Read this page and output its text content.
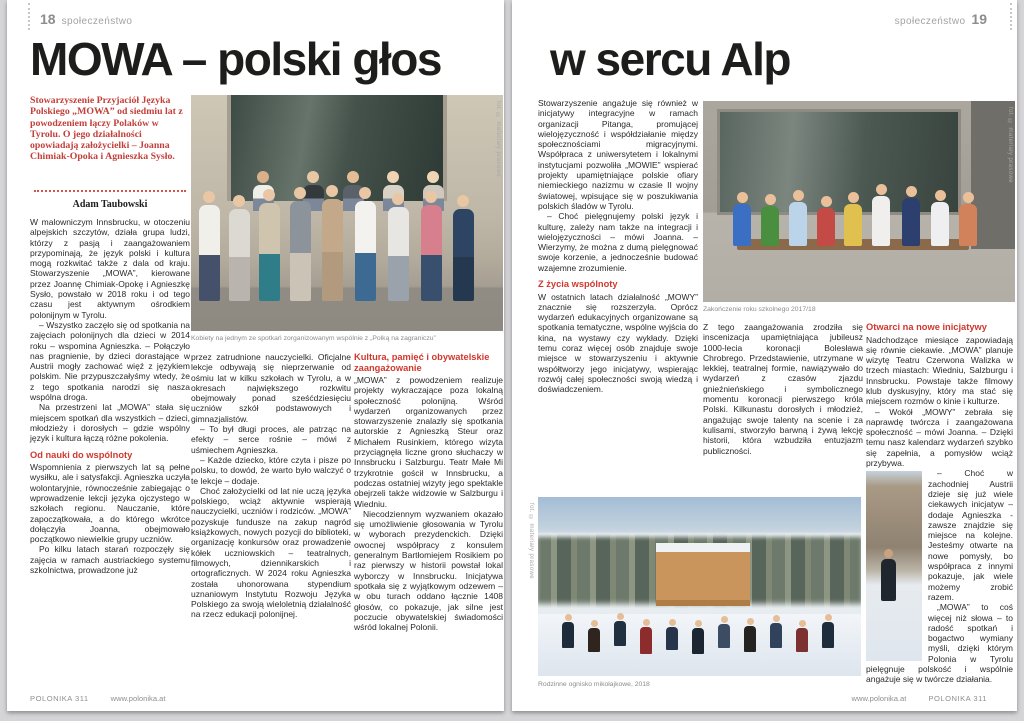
18 społeczeństwo
MOWA – polski głos

Stowarzyszenie Przyjaciół Języka Polskiego „MOWA” od siedmiu lat z powodzeniem łączy Polaków w Tyrolu. O jego działalności opowiadają założycielki – Joanna Chimiak-Opoka i Agnieszka Sysło.

Adam Taubowski

W malowniczym Innsbrucku, w otoczeniu alpejskich szczytów, działa grupa ludzi, którzy z pasją i zaangażowaniem przypominają, że język polski i kultura mogą rozkwitać także z dala od kraju. Stowarzyszenie „MOWA”, kierowane przez Joannę Chimiak-Opokę i Agnieszkę Sysło, powstało w 2018 roku i od tego czasu jest aktywnym ośrodkiem polonijnym w Tyrolu.

– Wszystko zaczęło się od spotkania na zajęciach polonijnych dla dzieci w 2014 roku – wspomina Agnieszka. – Połączyło nas pragnienie, by dzieci dorastające w Austrii mogły zachować więź z językiem polskim. Nie przypuszczałyśmy wtedy, że z tego spotkania narodzi się nasza wspólna droga.

Na przestrzeni lat „MOWA” stała się miejscem spotkań dla wszystkich – dzieci, młodzieży i dorosłych – gdzie wspólny język i kultura łączą różne pokolenia.

Od nauki do wspólnoty

Wspomnienia z pierwszych lat są pełne wysiłku, ale i satysfakcji. Agnieszka uczyła wolontaryjnie, równocześnie zabiegając o wprowadzenie lekcji języka ojczystego w szkołach regionu. Nauczanie, które zapoczątkowała, a do którego wkrótce dołączyła Joanna, obejmowało początkowo niewielkie grupy uczniów.

Po kilku latach starań rozpoczęły się zajęcia w ramach austriackiego systemu szkolnictwa, prowadzone już

fot. © materiały prasowe
Kobiety na jednym ze spotkań zorganizowanym wspólnie z „Polką na zagraniczu”

przez zatrudnione nauczycielki. Oficjalne lekcje odbywają się nieprzerwanie od ośmiu lat w kilku szkołach w Tyrolu, a w okresach największego rozkwitu obejmowały ponad sześćdziesięciu uczniów szkół podstawowych i gimnazjalistów.

– To był długi proces, ale patrząc na efekty – serce rośnie – mówi z uśmiechem Agnieszka.

– Każde dziecko, które czyta i pisze po polsku, to dowód, że warto było walczyć o te lekcje – dodaje.

Choć założycielki od lat nie uczą języka polskiego, wciąż aktywnie wspierają nauczycielki, uczniów i rodziców. „MOWA” pozyskuje fundusze na zakup nagród książkowych, nowych pozycji do biblioteki, organizację konkursów oraz prowadzenie kółek uczniowskich – teatralnych, filmowych, dziennikarskich i ortograficznych. W 2024 roku Agnieszka została uhonorowana stypendium uznaniowym Instytutu Rozwoju Języka Polskiego za swoją wieloletnią działalność na rzecz edukacji polonijnej.

Kultura, pamięć i obywatelskie zaangażowanie

„MOWA” z powodzeniem realizuje projekty wykraczające poza lokalną społeczność polonijną. Wśród wydarzeń organizowanych przez stowarzyszenie znalazły się spotkania autorskie z Agnieszką Steur oraz Michałem Rusinkiem, którego wizyta przyciągnęła liczne grono słuchaczy w Innsbrucku i Salzburgu. Teatr Małe Mi trzykrotnie gościł w Innsbrucku, a podczas ostatniej wizyty jego spektakle obejrzeli także widzowie w Salzburgu i Wiedniu.

Niecodziennym wyzwaniem okazało się umożliwienie głosowania w Tyrolu w wyborach prezydenckich. Dzięki owocnej współpracy z konsulem generalnym Bartłomiejem Rosikiem po raz pierwszy w historii powstał lokal wyborczy w Innsbrucku. Inicjatywa spotkała się z wyjątkowym odzewem – w obu turach oddano łącznie 1408 głosów, co pokazuje, jak silne jest poczucie obywatelskiej świadomości wśród lokalnej Polonii.

POLONIKA 311	www.polonika.at
społeczeństwo 19
w sercu Alp

Stowarzyszenie angażuje się również w inicjatywy integracyjne w ramach organizacji Pitanga, promującej wielojęzyczność i współdziałanie między społecznościami migracyjnymi. Współpraca z uniwersytetem i lokalnymi instytucjami pozwoliła „MOWIE” wspierać projekty upamiętniające polskie ofiary niemieckiego nazizmu w czasie II wojny światowej, wpisujące się w poszukiwania polskich śladów w Tyrolu.

– Choć pielęgnujemy polski język i kulturę, zależy nam także na integracji i wielojęzyczności – mówi Joanna. – Wierzymy, że można z dumą pielęgnować swoje korzenie, a jednocześnie budować wzajemne zrozumienie.

Z życia wspólnoty

W ostatnich latach działalność „MOWY” znacznie się rozszerzyła. Oprócz wydarzeń edukacyjnych organizowane są spotkania tematyczne, wspólne wyjścia do kina, na wystawy czy wykłady. Dzięki temu coraz więcej osób znajduje swoje miejsce w stowarzyszeniu i aktywnie współtworzy jego inicjatywy, wspierając rozwój całej społeczności swoją wiedzą i doświadczeniem.

fot. © materiały prasowe
Zakończenie roku szkolnego 2017/18

Z tego zaangażowania zrodziła się inscenizacja upamiętniająca jubileusz 1000-lecia koronacji Bolesława Chrobrego. Przedstawienie, utrzymane w lekkiej, teatralnej formie, nawiązywało do wydarzeń z czasów zjazdu gnieźnieńskiego i symbolicznego momentu koronacji pierwszego króla Polski. Kilkunastu dorosłych i młodzież, angażując swoje talenty na scenie i za kulisami, stworzyło barwną i żywą lekcję historii, która wzbudziła entuzjazm publiczności.

fot. © materiały prasowe
Rodzinne ognisko mikołajkowe, 2018
Otwarci na nowe inicjatywy

Nadchodzące miesiące zapowiadają się równie ciekawie. „MOWA” planuje wizytę Teatru Czerwona Walizka w trzech miastach: Wiedniu, Salzburgu i Innsbrucku. Powstaje także filmowy klub dyskusyjny, który ma stać się miejscem rozmów o kinie i kulturze.

– Wokół „MOWY” zebrała się naprawdę twórcza i zaangażowana społeczność – mówi Joanna. – Dzięki temu nasz kalendarz wydarzeń szybko się zapełnia, a pomysłów wciąż przybywa.

– Choć w zachodniej Austrii dzieje się już wiele ciekawych inicjatyw – dodaje Agnieszka -zawsze znajdzie się miejsce na kolejne. Jesteśmy otwarte na nowe pomysły, bo współpraca z innymi pokazuje, jak wiele możemy zrobić razem.

„MOWA” to coś więcej niż słowa – to radość spotkań i bogactwo wymiany myśli, dzięki którym Polonia w Tyrolu pielęgnuje polskość i wspólnie angażuje się w twórcze działania.

www.polonika.at	POLONIKA 311
